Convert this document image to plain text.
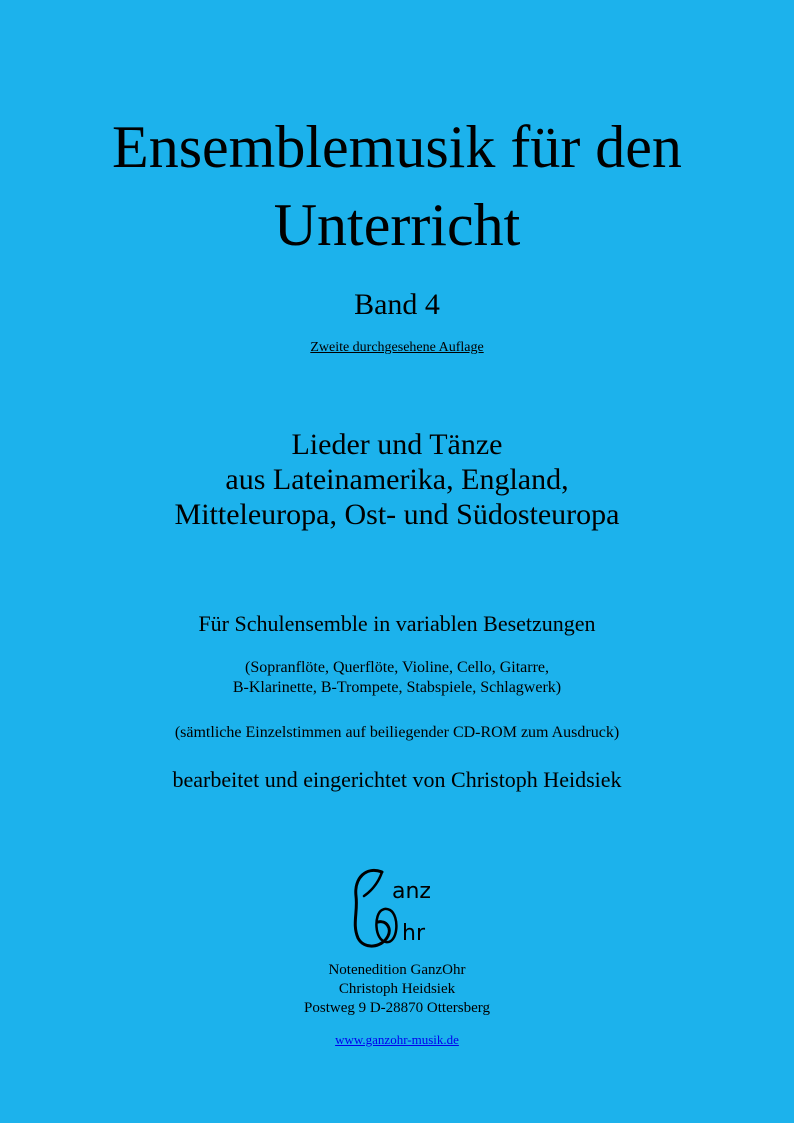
Ensemblemusik für den
Unterricht
Band 4
Zweite durchgesehene Auflage
Lieder und Tänze
aus Lateinamerika, England,
Mitteleuropa, Ost- und Südosteuropa
Für Schulensemble in variablen Besetzungen
(Sopranflöte, Querflöte, Violine, Cello, Gitarre,
B-Klarinette, B-Trompete, Stabspiele, Schlagwerk)
(sämtliche Einzelstimmen auf beiliegender CD-ROM zum Ausdruck)
bearbeitet und eingerichtet von Christoph Heidsiek
anz
hr
Notenedition GanzOhr
Christoph Heidsiek
Postweg 9 D-28870 Ottersberg
www.ganzohr-musik.de
